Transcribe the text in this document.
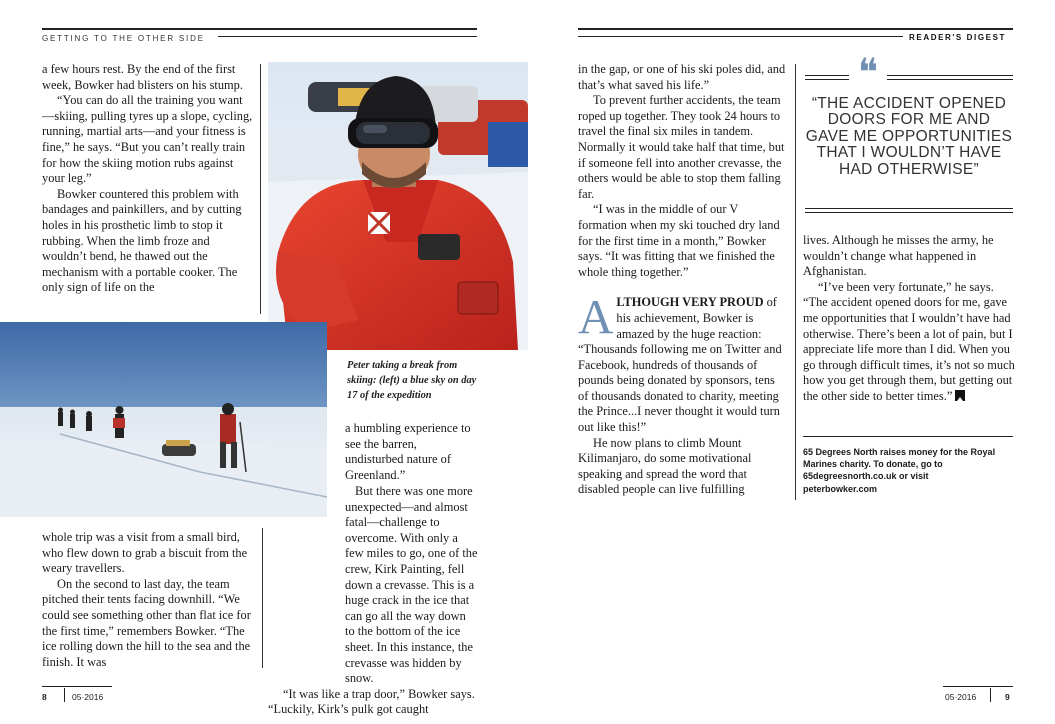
GETTING TO THE OTHER SIDE	READER'S DIGEST

a few hours rest. By the end of the first week, Bowker had blisters on his stump.

“You can do all the training you want—skiing, pulling tyres up a slope, cycling, running, martial arts—and your fitness is fine,” he says. “But you can’t really train for how the skiing motion rubs against your leg.”

Bowker countered this problem with bandages and painkillers, and by cutting holes in his prosthetic limb to stop it rubbing. When the limb froze and wouldn’t bend, he thawed out the mechanism with a portable cooker. The only sign of life on the

Peter taking a break from skiing: (left) a blue sky on day 17 of the expedition

whole trip was a visit from a small bird, who flew down to grab a biscuit from the weary travellers.

On the second to last day, the team pitched their tents facing downhill. “We could see something other than flat ice for the first time,” remembers Bowker. “The ice rolling down the hill to the sea and the finish. It was

a humbling experience to see the barren, undisturbed nature of Greenland.”

But there was one more unexpected—and almost fatal—challenge to overcome. With only a few miles to go, one of the crew, Kirk Painting, fell down a crevasse. This is a huge crack in the ice that can go all the way down to the bottom of the ice sheet. In this instance, the crevasse was hidden by snow.

“It was like a trap door,” Bowker says. “Luckily, Kirk’s pulk got caught

in the gap, or one of his ski poles did, and that’s what saved his life.”

To prevent further accidents, the team roped up together. They took 24 hours to travel the final six miles in tandem. Normally it would take half that time, but if someone fell into another crevasse, the others would be able to stop them falling far.

“I was in the middle of our V formation when my ski touched dry land for the first time in a month,” Bowker says. “It was fitting that we finished the whole thing together.”

ALTHOUGH VERY PROUD of his achievement, Bowker is amazed by the huge reaction: “Thousands following me on Twitter and Facebook, hundreds of thousands of pounds being donated by sponsors, tens of thousands donated to charity, meeting the Prince...I never thought it would turn out like this!”

He now plans to climb Mount Kilimanjaro, do some motivational speaking and spread the word that disabled people can live fulfilling

❝
“THE ACCIDENT OPENED DOORS FOR ME AND GAVE ME OPPORTUNITIES THAT I WOULDN’T HAVE HAD OTHERWISE”

lives. Although he misses the army, he wouldn’t change what happened in Afghanistan.

“I’ve been very fortunate,” he says. “The accident opened doors for me, gave me opportunities that I wouldn’t have had otherwise. There’s been a lot of pain, but I appreciate life more than I did. When you go through difficult times, it’s not so much how you get through them, but getting out the other side to better times.”

65 Degrees North raises money for the Royal Marines charity. To donate, go to 65degreesnorth.co.uk or visit peterbowker.com
8	05·2016	05·2016	9
